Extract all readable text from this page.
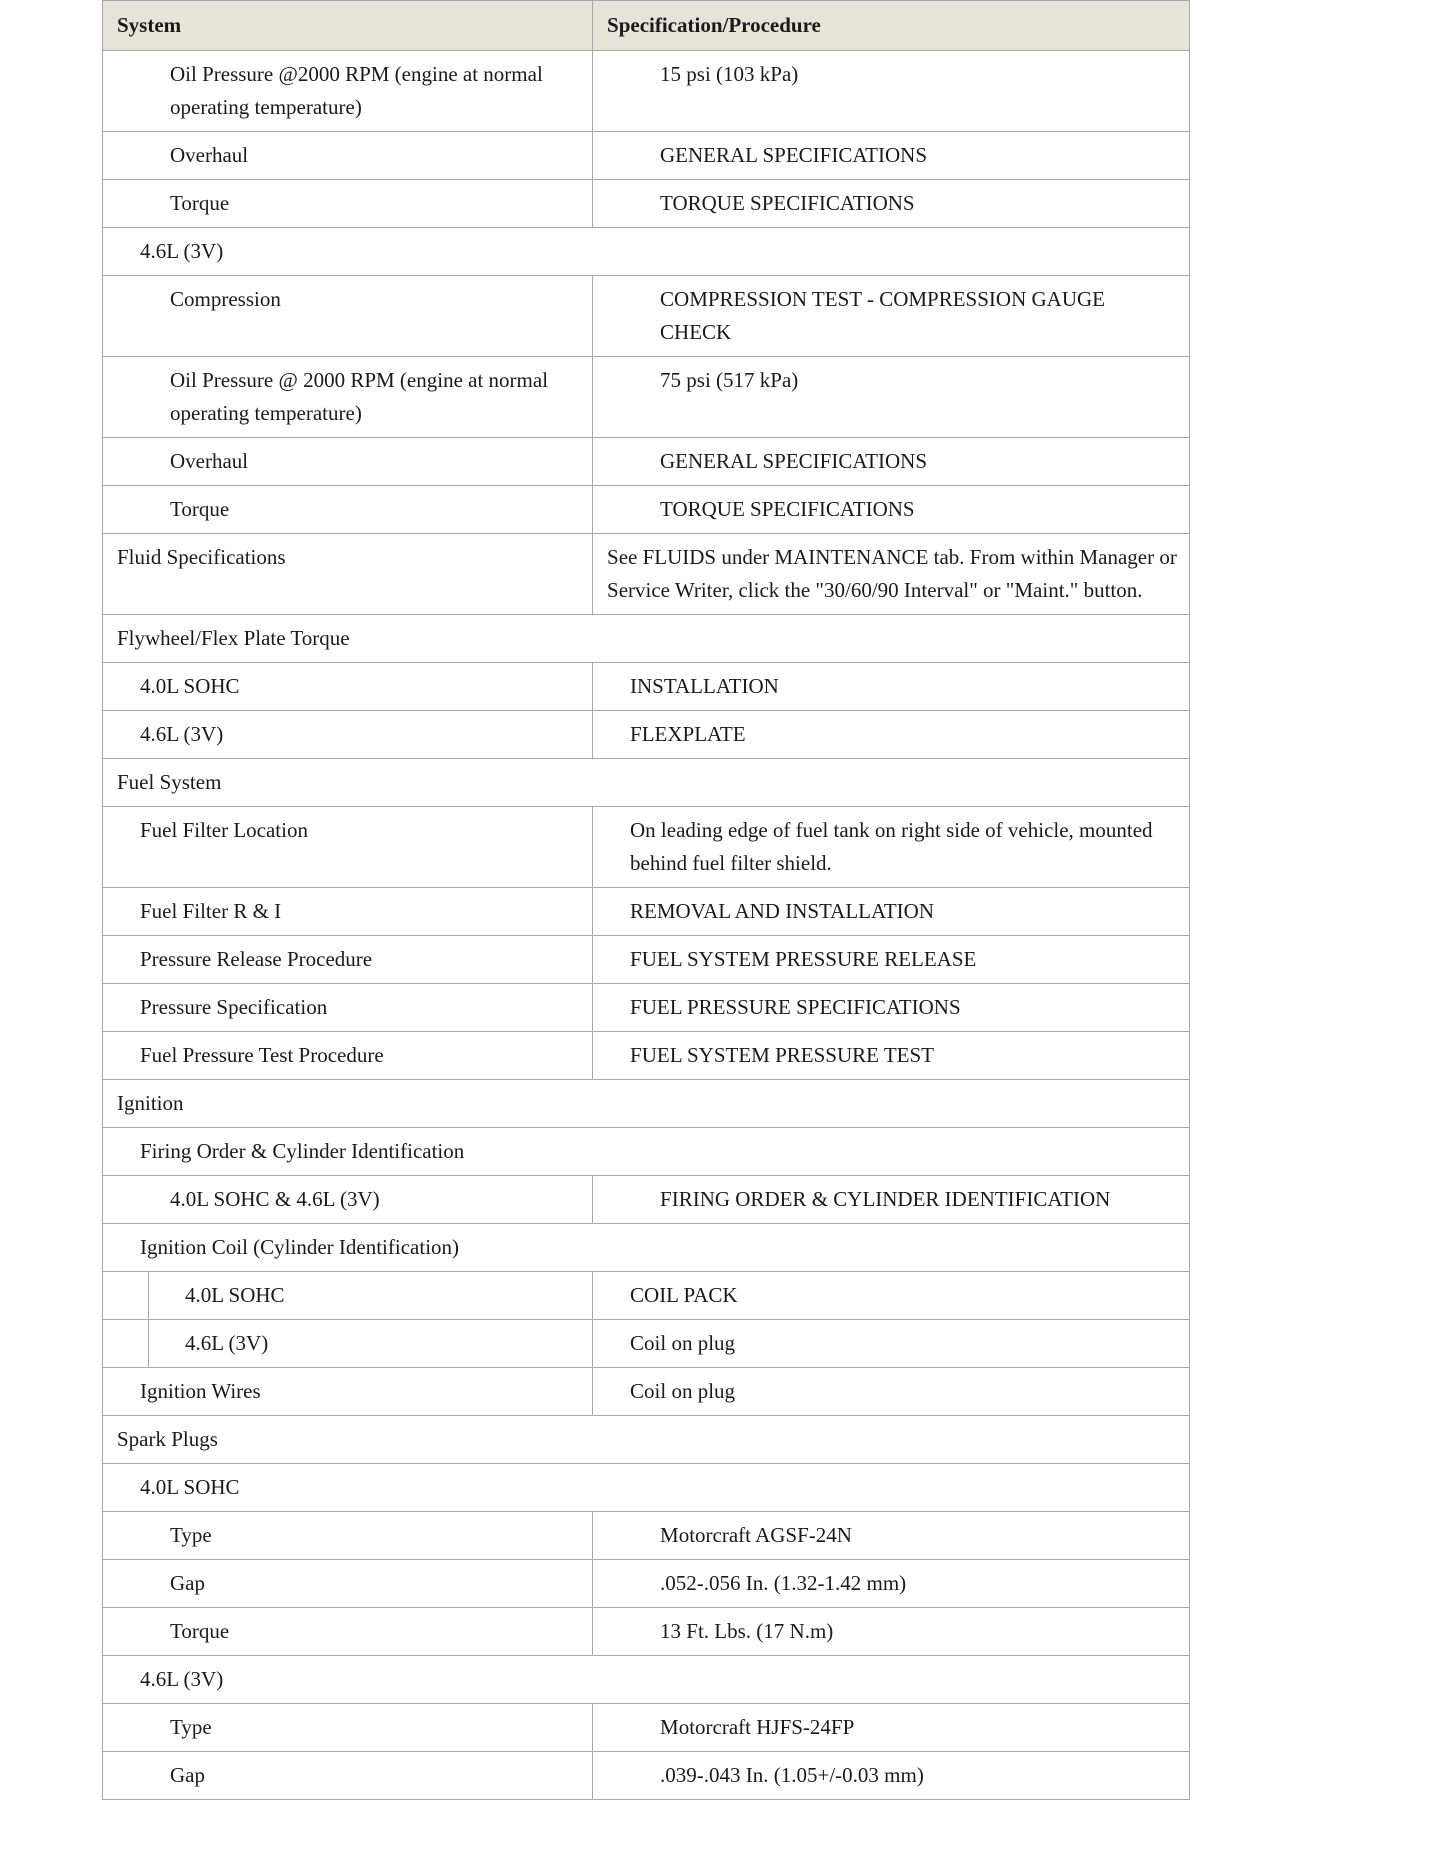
System		Specification/Procedure
Oil Pressure @2000 RPM (engine at normal operating temperature)		15 psi (103 kPa)
Overhaul		GENERAL SPECIFICATIONS
Torque		TORQUE SPECIFICATIONS
4.6L (3V)		
Compression		COMPRESSION TEST - COMPRESSION GAUGE CHECK
Oil Pressure @ 2000 RPM (engine at normal operating temperature)		75 psi (517 kPa)
Overhaul		GENERAL SPECIFICATIONS
Torque		TORQUE SPECIFICATIONS
Fluid Specifications		See FLUIDS under MAINTENANCE tab. From within Manager or Service Writer, click the "30/60/90 Interval" or "Maint." button.
Flywheel/Flex Plate Torque		
4.0L SOHC		INSTALLATION
4.6L (3V)		FLEXPLATE
Fuel System		
Fuel Filter Location		On leading edge of fuel tank on right side of vehicle, mounted behind fuel filter shield.
Fuel Filter R & I		REMOVAL AND INSTALLATION
Pressure Release Procedure		FUEL SYSTEM PRESSURE RELEASE
Pressure Specification		FUEL PRESSURE SPECIFICATIONS
Fuel Pressure Test Procedure		FUEL SYSTEM PRESSURE TEST
Ignition		
Firing Order & Cylinder Identification		
4.0L SOHC & 4.6L (3V)		FIRING ORDER & CYLINDER IDENTIFICATION
Ignition Coil (Cylinder Identification)		
	4.0L SOHC	COIL PACK
	4.6L (3V)	Coil on plug
Ignition Wires		Coil on plug
Spark Plugs		
4.0L SOHC		
Type		Motorcraft AGSF-24N
Gap		.052-.056 In. (1.32-1.42 mm)
Torque		13 Ft. Lbs. (17 N.m)
4.6L (3V)		
Type		Motorcraft HJFS-24FP
Gap		.039-.043 In. (1.05+/-0.03 mm)
